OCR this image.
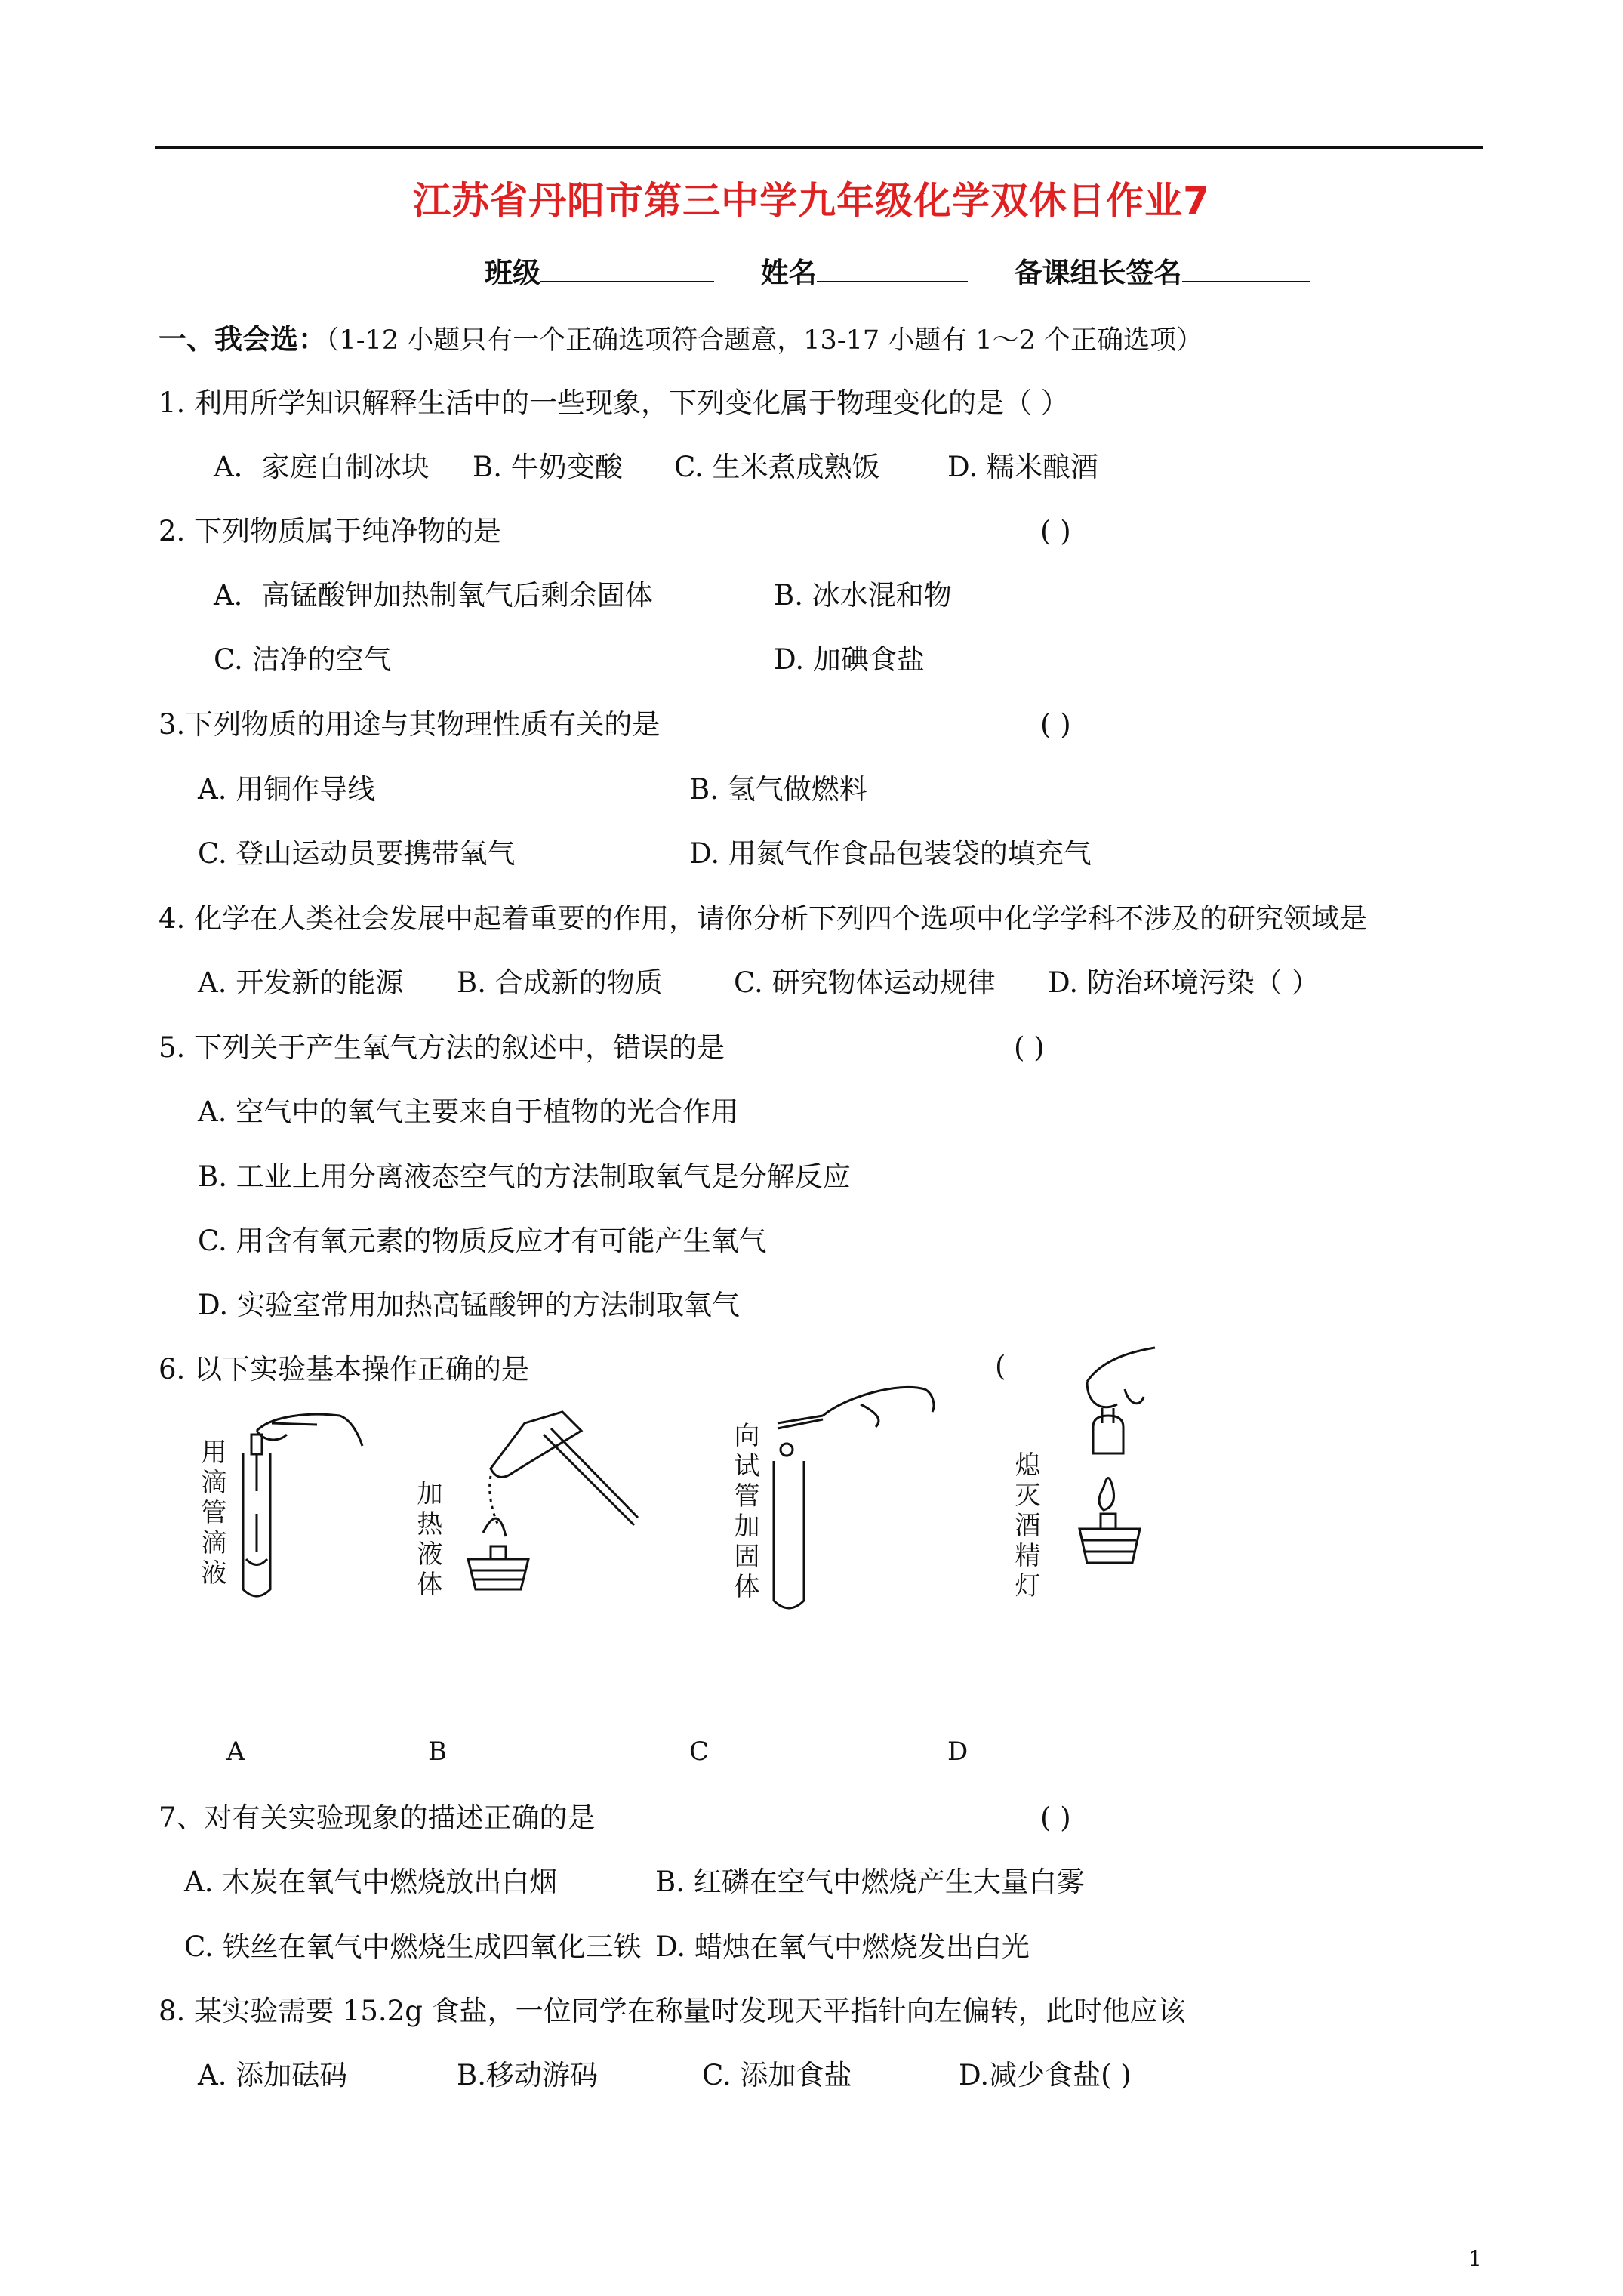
江苏省丹阳市第三中学九年级化学双休日作业7
班级	姓名	备课组长签名
一、我会选：（1-12 小题只有一个正确选项符合题意，13-17 小题有 1～2 个正确选项）
1. 利用所学知识解释生活中的一些现象，下列变化属于物理变化的是（ ）
A．家庭自制冰块 B. 牛奶变酸 C. 生米煮成熟饭 D. 糯米酿酒
2. 下列物质属于纯净物的是	( )
A．高锰酸钾加热制氧气后剩余固体	B. 冰水混和物
C. 洁净的空气	D. 加碘食盐
3.下列物质的用途与其物理性质有关的是	( )
A. 用铜作导线	B. 氢气做燃料
C. 登山运动员要携带氧气	D. 用氮气作食品包装袋的填充气
4. 化学在人类社会发展中起着重要的作用，请你分析下列四个选项中化学学科不涉及的研究领域是
A. 开发新的能源 B. 合成新的物质	C. 研究物体运动规律 D. 防治环境污染（ ）
5. 下列关于产生氧气方法的叙述中，错误的是	( )
A. 空气中的氧气主要来自于植物的光合作用
B. 工业上用分离液态空气的方法制取氧气是分解反应
C. 用含有氧元素的物质反应才有可能产生氧气
D. 实验室常用加热高锰酸钾的方法制取氧气
6. 以下实验基本操作正确的是	(
用滴管滴液	加热液体	向试管加固体	熄灭酒精灯
A	B	C	D
7、对有关实验现象的描述正确的是	( )
A. 木炭在氧气中燃烧放出白烟	B. 红磷在空气中燃烧产生大量白雾
C. 铁丝在氧气中燃烧生成四氧化三铁 D. 蜡烛在氧气中燃烧发出白光
8. 某实验需要 15.2g 食盐，一位同学在称量时发现天平指针向左偏转，此时他应该
A. 添加砝码	B.移动游码	C. 添加食盐	D.减少食盐( )
1
